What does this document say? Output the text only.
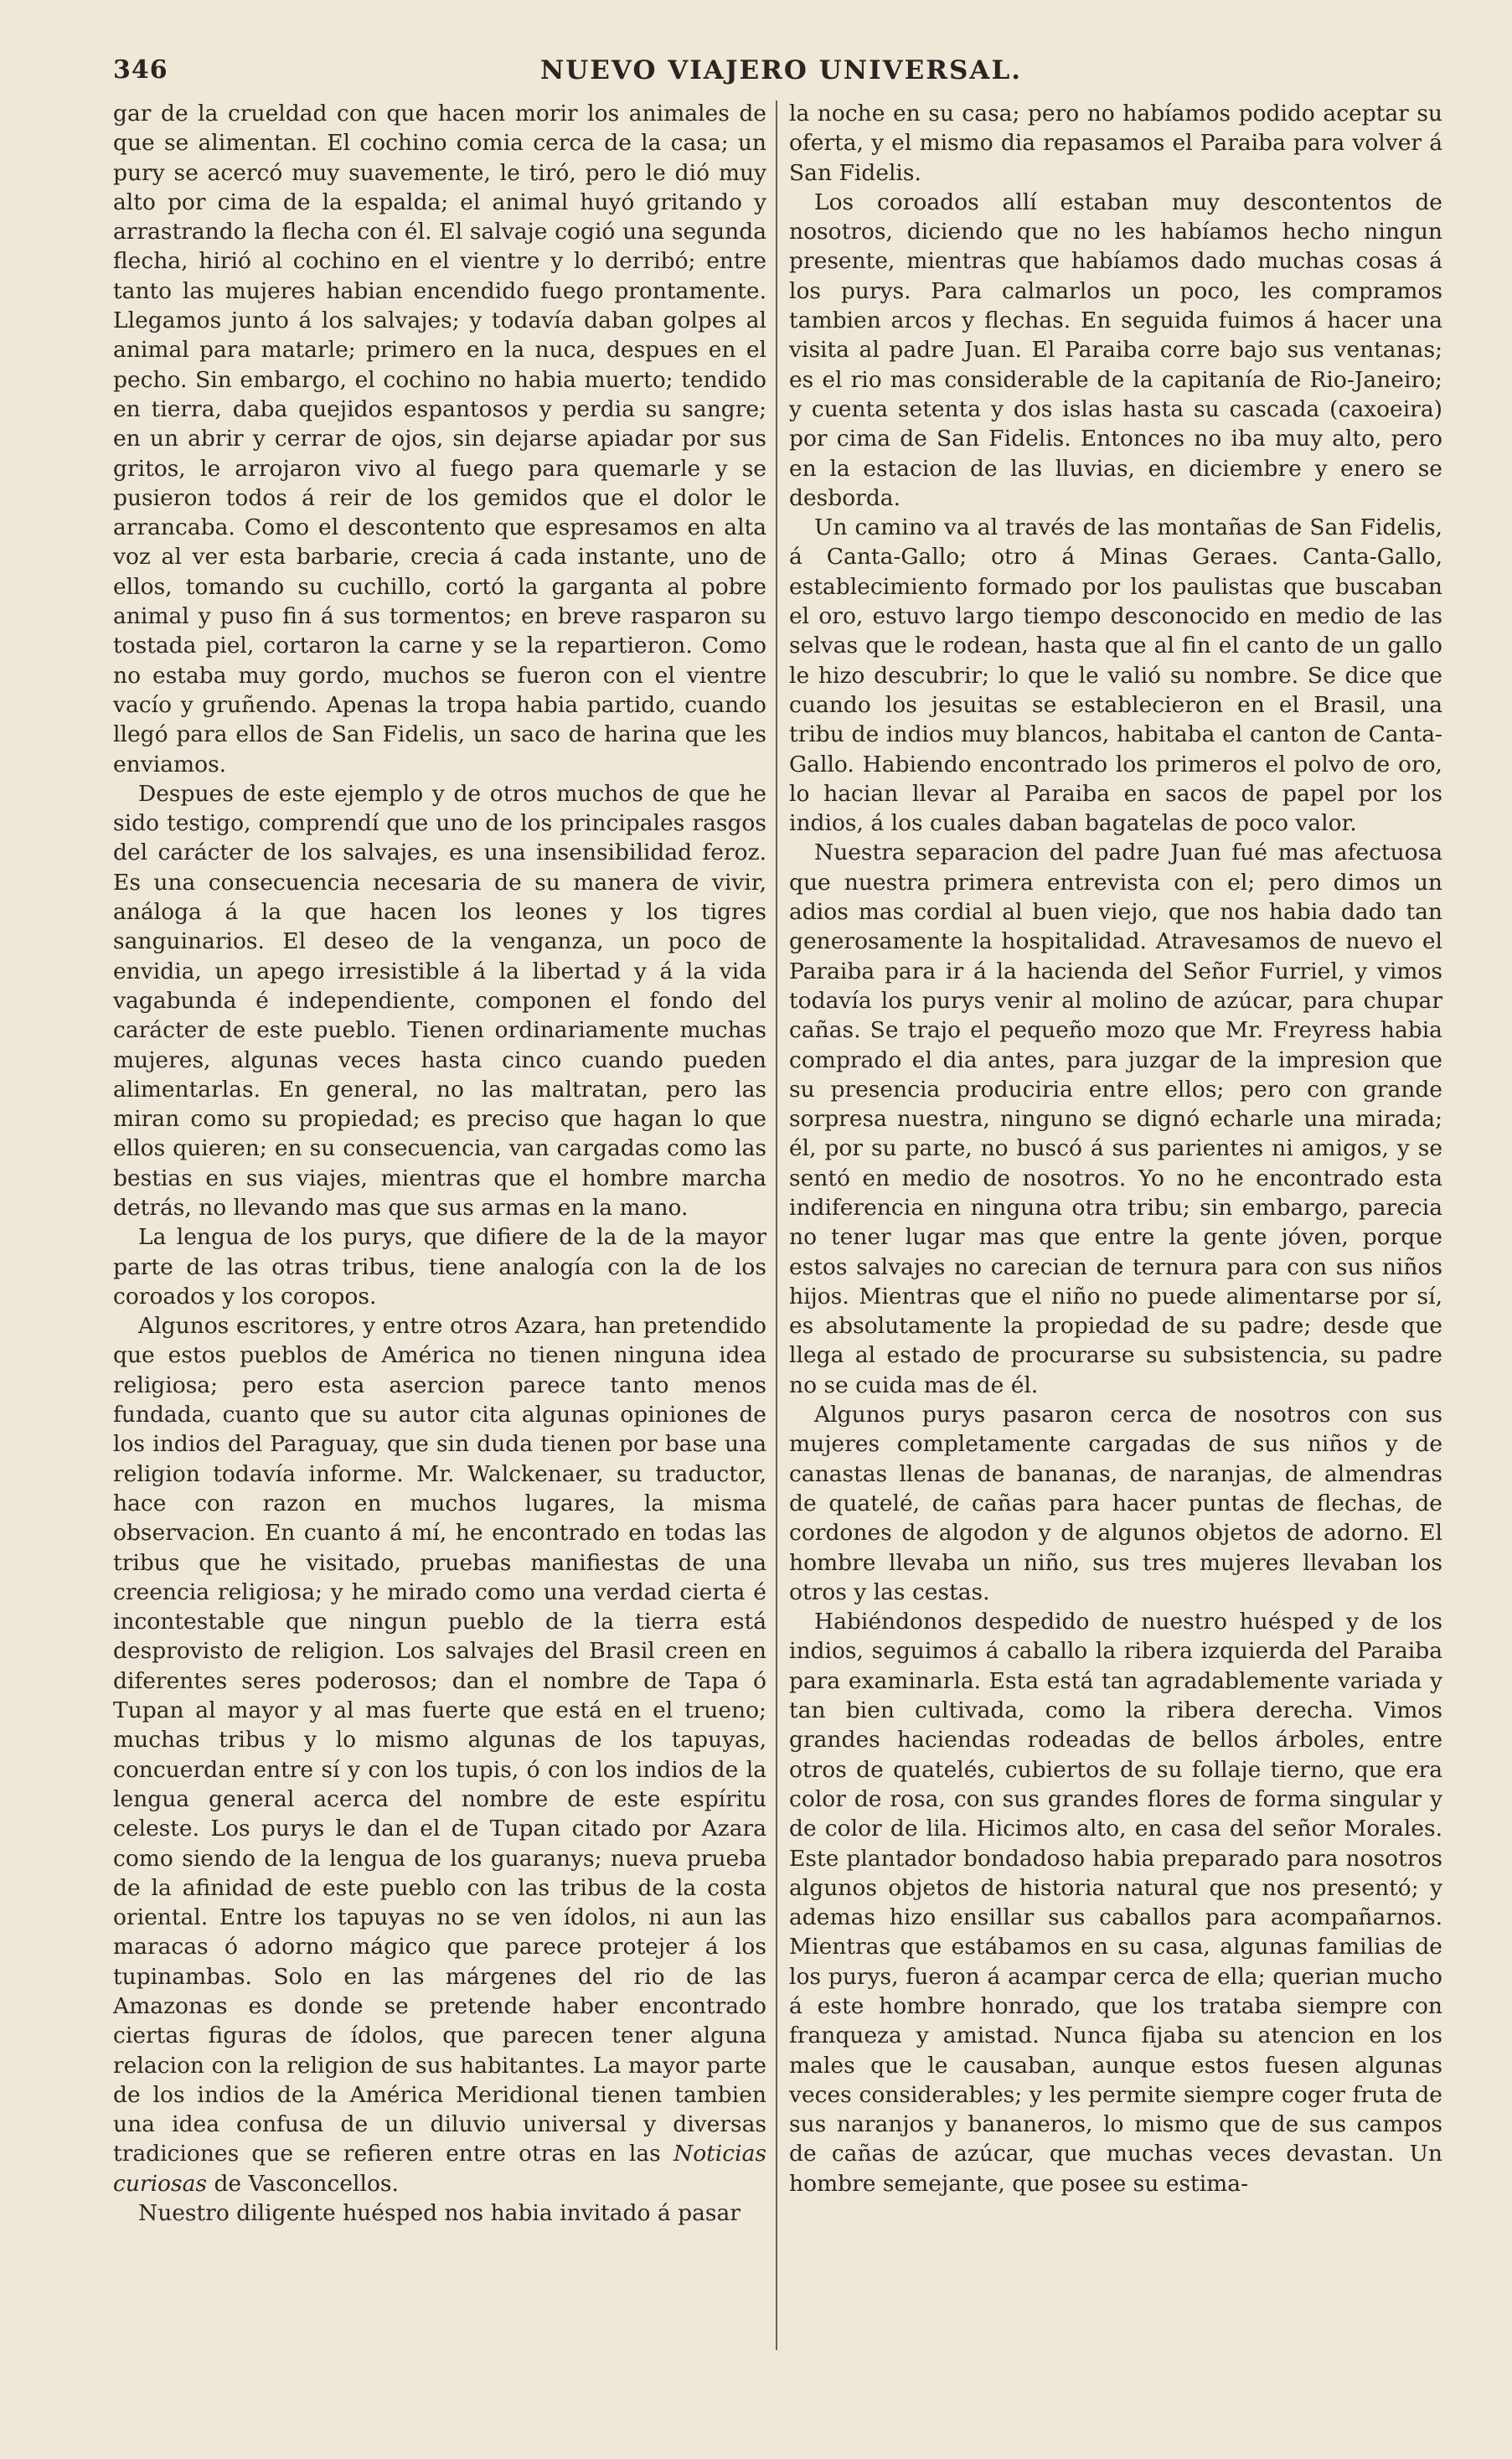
346	NUEVO VIAJERO UNIVERSAL.

gar de la crueldad con que hacen morir los animales de que se alimentan. El cochino comia cerca de la casa; un pury se acercó muy suavemente, le tiró, pero le dió muy alto por cima de la espalda; el animal huyó gritando y arrastrando la flecha con él. El salvaje cogió una segunda flecha, hirió al cochino en el vientre y lo derribó; entre tanto las mujeres habian encendido fuego prontamente. Llegamos junto á los salvajes; y todavía daban golpes al animal para matarle; primero en la nuca, despues en el pecho. Sin embargo, el cochino no habia muerto; tendido en tierra, daba quejidos espantosos y perdia su sangre; en un abrir y cerrar de ojos, sin dejarse apiadar por sus gritos, le arrojaron vivo al fuego para quemarle y se pusieron todos á reir de los gemidos que el dolor le arrancaba. Como el descontento que espresamos en alta voz al ver esta barbarie, crecia á cada instante, uno de ellos, tomando su cuchillo, cortó la garganta al pobre animal y puso fin á sus tormentos; en breve rasparon su tostada piel, cortaron la carne y se la repartieron. Como no estaba muy gordo, muchos se fueron con el vientre vacío y gruñendo. Apenas la tropa habia partido, cuando llegó para ellos de San Fidelis, un saco de harina que les enviamos.

Despues de este ejemplo y de otros muchos de que he sido testigo, comprendí que uno de los principales rasgos del carácter de los salvajes, es una insensibilidad feroz. Es una consecuencia necesaria de su manera de vivir, análoga á la que hacen los leones y los tigres sanguinarios. El deseo de la venganza, un poco de envidia, un apego irresistible á la libertad y á la vida vagabunda é independiente, componen el fondo del carácter de este pueblo. Tienen ordinariamente muchas mujeres, algunas veces hasta cinco cuando pueden alimentarlas. En general, no las maltratan, pero las miran como su propiedad; es preciso que hagan lo que ellos quieren; en su consecuencia, van cargadas como las bestias en sus viajes, mientras que el hombre marcha detrás, no llevando mas que sus armas en la mano.

La lengua de los purys, que difiere de la de la mayor parte de las otras tribus, tiene analogía con la de los coroados y los coropos.

Algunos escritores, y entre otros Azara, han pretendido que estos pueblos de América no tienen ninguna idea religiosa; pero esta asercion parece tanto menos fundada, cuanto que su autor cita algunas opiniones de los indios del Paraguay, que sin duda tienen por base una religion todavía informe. Mr. Walckenaer, su traductor, hace con razon en muchos lugares, la misma observacion. En cuanto á mí, he encontrado en todas las tribus que he visitado, pruebas manifiestas de una creencia religiosa; y he mirado como una verdad cierta é incontestable que ningun pueblo de la tierra está desprovisto de religion. Los salvajes del Brasil creen en diferentes seres poderosos; dan el nombre de Tapa ó Tupan al mayor y al mas fuerte que está en el trueno; muchas tribus y lo mismo algunas de los tapuyas, concuerdan entre sí y con los tupis, ó con los indios de la lengua general acerca del nombre de este espíritu celeste. Los purys le dan el de Tupan citado por Azara como siendo de la lengua de los guaranys; nueva prueba de la afinidad de este pueblo con las tribus de la costa oriental. Entre los tapuyas no se ven ídolos, ni aun las maracas ó adorno mágico que parece protejer á los tupinambas. Solo en las márgenes del rio de las Amazonas es donde se pretende haber encontrado ciertas figuras de ídolos, que parecen tener alguna relacion con la religion de sus habitantes. La mayor parte de los indios de la América Meridional tienen tambien una idea confusa de un diluvio universal y diversas tradiciones que se refieren entre otras en las Noticias curiosas de Vasconcellos.

Nuestro diligente huésped nos habia invitado á pasar

la noche en su casa; pero no habíamos podido aceptar su oferta, y el mismo dia repasamos el Paraiba para volver á San Fidelis.

Los coroados allí estaban muy descontentos de nosotros, diciendo que no les habíamos hecho ningun presente, mientras que habíamos dado muchas cosas á los purys. Para calmarlos un poco, les compramos tambien arcos y flechas. En seguida fuimos á hacer una visita al padre Juan. El Paraiba corre bajo sus ventanas; es el rio mas considerable de la capitanía de Rio-Janeiro; y cuenta setenta y dos islas hasta su cascada (caxoeira) por cima de San Fidelis. Entonces no iba muy alto, pero en la estacion de las lluvias, en diciembre y enero se desborda.

Un camino va al través de las montañas de San Fidelis, á Canta-Gallo; otro á Minas Geraes. Canta-Gallo, establecimiento formado por los paulistas que buscaban el oro, estuvo largo tiempo desconocido en medio de las selvas que le rodean, hasta que al fin el canto de un gallo le hizo descubrir; lo que le valió su nombre. Se dice que cuando los jesuitas se establecieron en el Brasil, una tribu de indios muy blancos, habitaba el canton de Canta-Gallo. Habiendo encontrado los primeros el polvo de oro, lo hacian llevar al Paraiba en sacos de papel por los indios, á los cuales daban bagatelas de poco valor.

Nuestra separacion del padre Juan fué mas afectuosa que nuestra primera entrevista con el; pero dimos un adios mas cordial al buen viejo, que nos habia dado tan generosamente la hospitalidad. Atravesamos de nuevo el Paraiba para ir á la hacienda del Señor Furriel, y vimos todavía los purys venir al molino de azúcar, para chupar cañas. Se trajo el pequeño mozo que Mr. Freyress habia comprado el dia antes, para juzgar de la impresion que su presencia produciria entre ellos; pero con grande sorpresa nuestra, ninguno se dignó echarle una mirada; él, por su parte, no buscó á sus parientes ni amigos, y se sentó en medio de nosotros. Yo no he encontrado esta indiferencia en ninguna otra tribu; sin embargo, parecia no tener lugar mas que entre la gente jóven, porque estos salvajes no carecian de ternura para con sus niños hijos. Mientras que el niño no puede alimentarse por sí, es absolutamente la propiedad de su padre; desde que llega al estado de procurarse su subsistencia, su padre no se cuida mas de él.

Algunos purys pasaron cerca de nosotros con sus mujeres completamente cargadas de sus niños y de canastas llenas de bananas, de naranjas, de almendras de quatelé, de cañas para hacer puntas de flechas, de cordones de algodon y de algunos objetos de adorno. El hombre llevaba un niño, sus tres mujeres llevaban los otros y las cestas.

Habiéndonos despedido de nuestro huésped y de los indios, seguimos á caballo la ribera izquierda del Paraiba para examinarla. Esta está tan agradablemente variada y tan bien cultivada, como la ribera derecha. Vimos grandes haciendas rodeadas de bellos árboles, entre otros de quatelés, cubiertos de su follaje tierno, que era color de rosa, con sus grandes flores de forma singular y de color de lila. Hicimos alto, en casa del señor Morales. Este plantador bondadoso habia preparado para nosotros algunos objetos de historia natural que nos presentó; y ademas hizo ensillar sus caballos para acompañarnos. Mientras que estábamos en su casa, algunas familias de los purys, fueron á acampar cerca de ella; querian mucho á este hombre honrado, que los trataba siempre con franqueza y amistad. Nunca fijaba su atencion en los males que le causaban, aunque estos fuesen algunas veces considerables; y les permite siempre coger fruta de sus naranjos y bananeros, lo mismo que de sus campos de cañas de azúcar, que muchas veces devastan. Un hombre semejante, que posee su estima-
